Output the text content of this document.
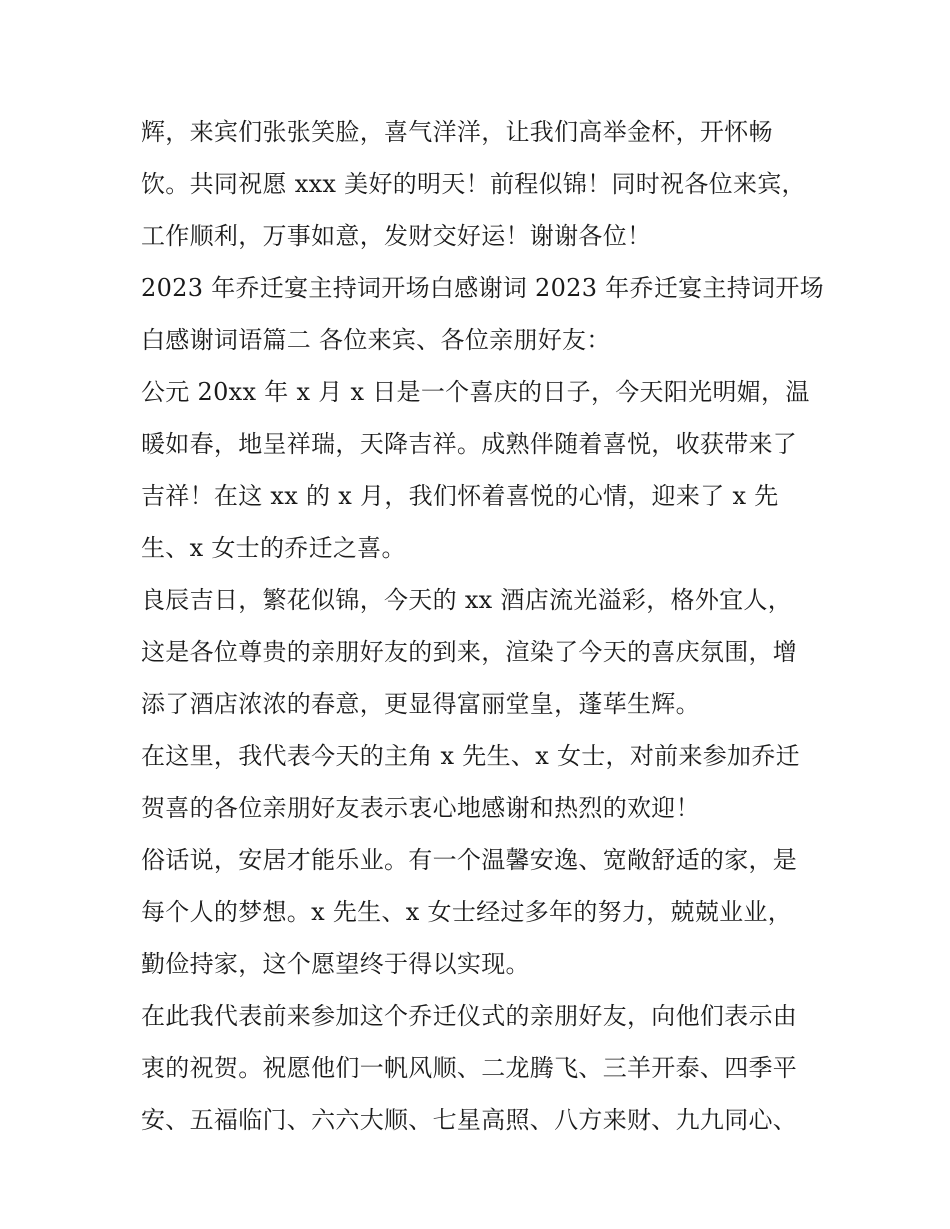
辉，来宾们张张笑脸，喜气洋洋，让我们高举金杯，开怀畅
饮。共同祝愿 xxx 美好的明天！前程似锦！同时祝各位来宾，
工作顺利，万事如意，发财交好运！谢谢各位！
2023 年乔迁宴主持词开场白感谢词 2023 年乔迁宴主持词开场
白感谢词语篇二 各位来宾、各位亲朋好友：
公元 20xx 年 x 月 x 日是一个喜庆的日子，今天阳光明媚，温
暖如春，地呈祥瑞，天降吉祥。成熟伴随着喜悦，收获带来了
吉祥！在这 xx 的 x 月，我们怀着喜悦的心情，迎来了 x 先
生、x 女士的乔迁之喜。
良辰吉日，繁花似锦，今天的 xx 酒店流光溢彩，格外宜人，
这是各位尊贵的亲朋好友的到来，渲染了今天的喜庆氛围，增
添了酒店浓浓的春意，更显得富丽堂皇，蓬荜生辉。
在这里，我代表今天的主角 x 先生、x 女士，对前来参加乔迁
贺喜的各位亲朋好友表示衷心地感谢和热烈的欢迎！
俗话说，安居才能乐业。有一个温馨安逸、宽敞舒适的家，是
每个人的梦想。x 先生、x 女士经过多年的努力，兢兢业业，
勤俭持家，这个愿望终于得以实现。
在此我代表前来参加这个乔迁仪式的亲朋好友，向他们表示由
衷的祝贺。祝愿他们一帆风顺、二龙腾飞、三羊开泰、四季平
安、五福临门、六六大顺、七星高照、八方来财、九九同心、
